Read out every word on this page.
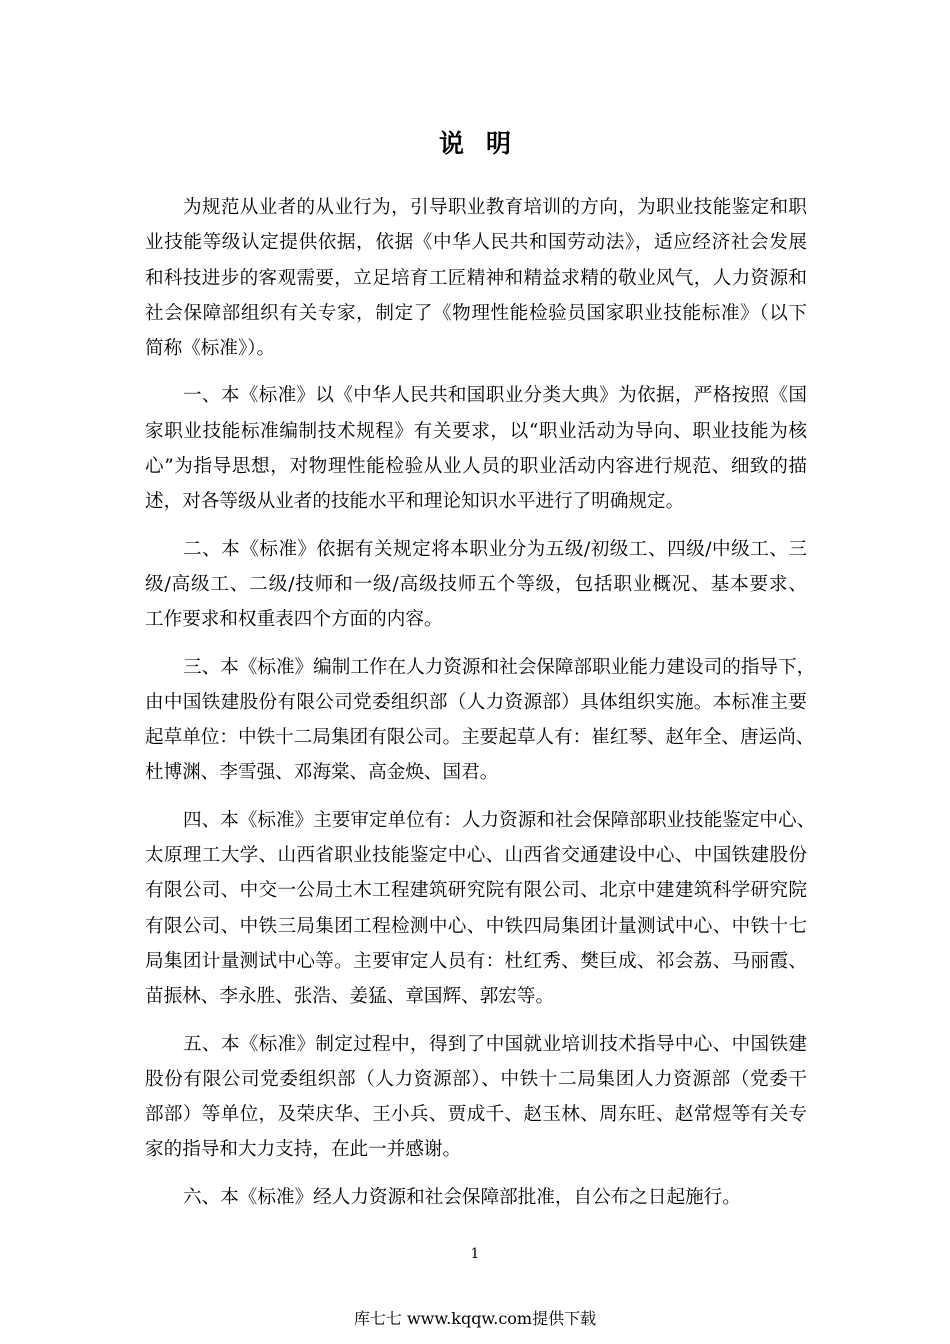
说明
为规范从业者的从业行为，引导职业教育培训的方向，为职业技能鉴定和职
业技能等级认定提供依据，依据《中华人民共和国劳动法》，适应经济社会发展
和科技进步的客观需要，立足培育工匠精神和精益求精的敬业风气，人力资源和
社会保障部组织有关专家，制定了《物理性能检验员国家职业技能标准》（以下
简称《标准》）。
一、本《标准》以《中华人民共和国职业分类大典》为依据，严格按照《国
家职业技能标准编制技术规程》有关要求，以“职业活动为导向、职业技能为核
心”为指导思想，对物理性能检验从业人员的职业活动内容进行规范、细致的描
述，对各等级从业者的技能水平和理论知识水平进行了明确规定。
二、本《标准》依据有关规定将本职业分为五级/初级工、四级/中级工、三
级/高级工、二级/技师和一级/高级技师五个等级，包括职业概况、基本要求、
工作要求和权重表四个方面的内容。
三、本《标准》编制工作在人力资源和社会保障部职业能力建设司的指导下，
由中国铁建股份有限公司党委组织部（人力资源部）具体组织实施。本标准主要
起草单位：中铁十二局集团有限公司。主要起草人有：崔红琴、赵年全、唐运尚、
杜博渊、李雪强、邓海棠、高金焕、国君。
四、本《标准》主要审定单位有：人力资源和社会保障部职业技能鉴定中心、
太原理工大学、山西省职业技能鉴定中心、山西省交通建设中心、中国铁建股份
有限公司、中交一公局土木工程建筑研究院有限公司、北京中建建筑科学研究院
有限公司、中铁三局集团工程检测中心、中铁四局集团计量测试中心、中铁十七
局集团计量测试中心等。主要审定人员有：杜红秀、樊巨成、祁会荔、马丽霞、
苗振林、李永胜、张浩、姜猛、章国辉、郭宏等。
五、本《标准》制定过程中，得到了中国就业培训技术指导中心、中国铁建
股份有限公司党委组织部（人力资源部）、中铁十二局集团人力资源部（党委干
部部）等单位，及荣庆华、王小兵、贾成千、赵玉林、周东旺、赵常煜等有关专
家的指导和大力支持，在此一并感谢。
六、本《标准》经人力资源和社会保障部批准，自公布之日起施行。
1
库七七 www.kqqw.com提供下载
